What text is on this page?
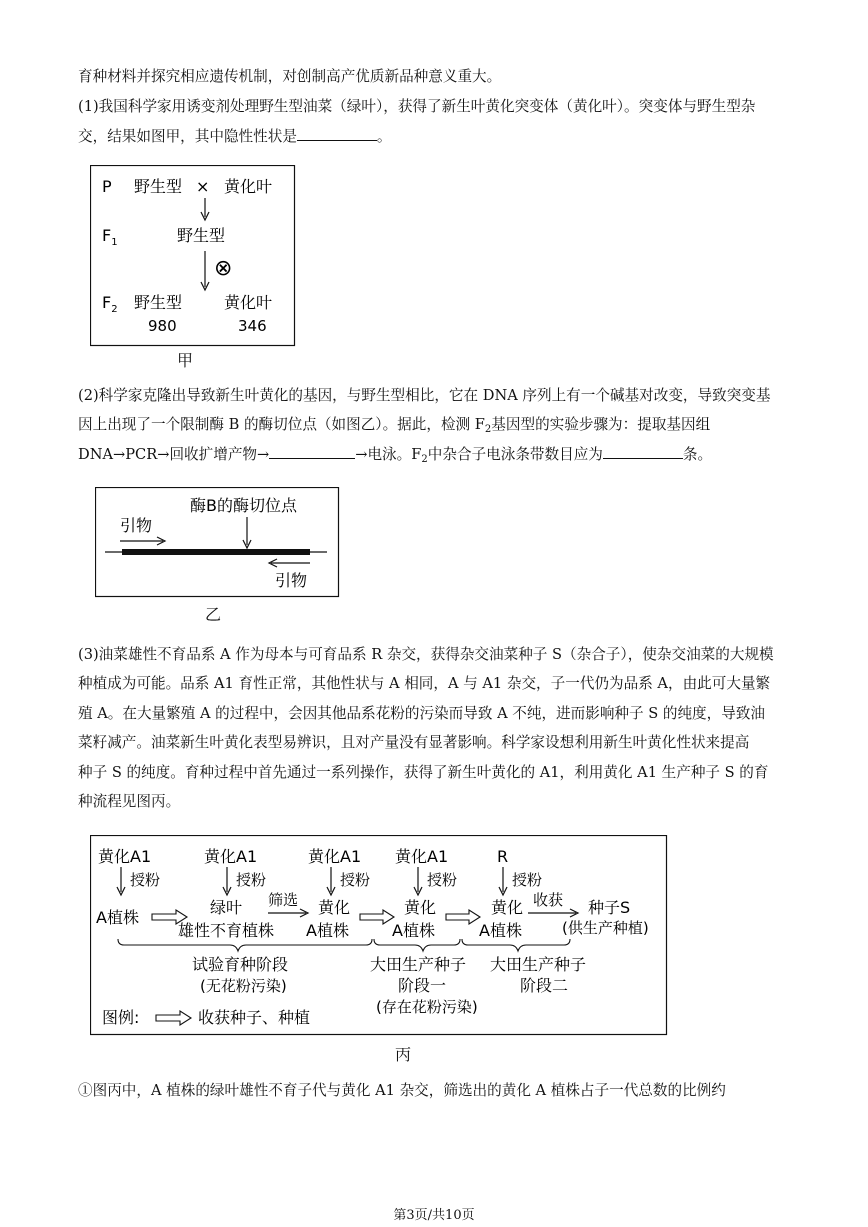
育种材料并探究相应遗传机制，对创制高产优质新品种意义重大。
(1)我国科学家用诱变剂处理野生型油菜（绿叶），获得了新生叶黄化突变体（黄化叶）。突变体与野生型杂
交，结果如图甲，其中隐性性状是	。
P 野生型 × 黄化叶
$F_1$	野生型
⊗
$F_2$ 野生型	黄化叶
980	346
甲
(2)科学家克隆出导致新生叶黄化的基因，与野生型相比，它在 DNA 序列上有一个碱基对改变，导致突变基
因上出现了一个限制酶 B 的酶切位点（如图乙）。据此，检测 $F_2$基因型的实验步骤为：提取基因组
DNA→PCR→回收扩增产物→	→电泳。$F_2$中杂合子电泳条带数目应为	条。
酶B的酶切位点
引物
引物
乙
(3)油菜雄性不育品系 A 作为母本与可育品系 R 杂交，获得杂交油菜种子 S（杂合子），使杂交油菜的大规模
种植成为可能。品系 A1 育性正常，其他性状与 A 相同，A 与 A1 杂交，子一代仍为品系 A，由此可大量繁
殖 A。在大量繁殖 A 的过程中，会因其他品系花粉的污染而导致 A 不纯，进而影响种子 S 的纯度，导致油
菜籽减产。油菜新生叶黄化表型易辨识，且对产量没有显著影响。科学家设想利用新生叶黄化性状来提高
种子 S 的纯度。育种过程中首先通过一系列操作，获得了新生叶黄化的 A1，利用黄化 A1 生产种子 S 的育
种流程见图丙。
黄化A1	黄化A1	黄化A1 黄化A1	R
授粉	授粉	授粉	授粉	授粉
A植株
绿叶
雄性不育植株
筛选 黄化
A植株
黄化
A植株
黄化
A植株
收获 种子S
(供生产种植)
试验育种阶段
(无花粉污染)
大田生产种子
阶段一
(存在花粉污染)
大田生产种子
阶段二
图例:	收获种子、种植
丙
①图丙中，A 植株的绿叶雄性不育子代与黄化 A1 杂交，筛选出的黄化 A 植株占子一代总数的比例约
第3页/共10页
